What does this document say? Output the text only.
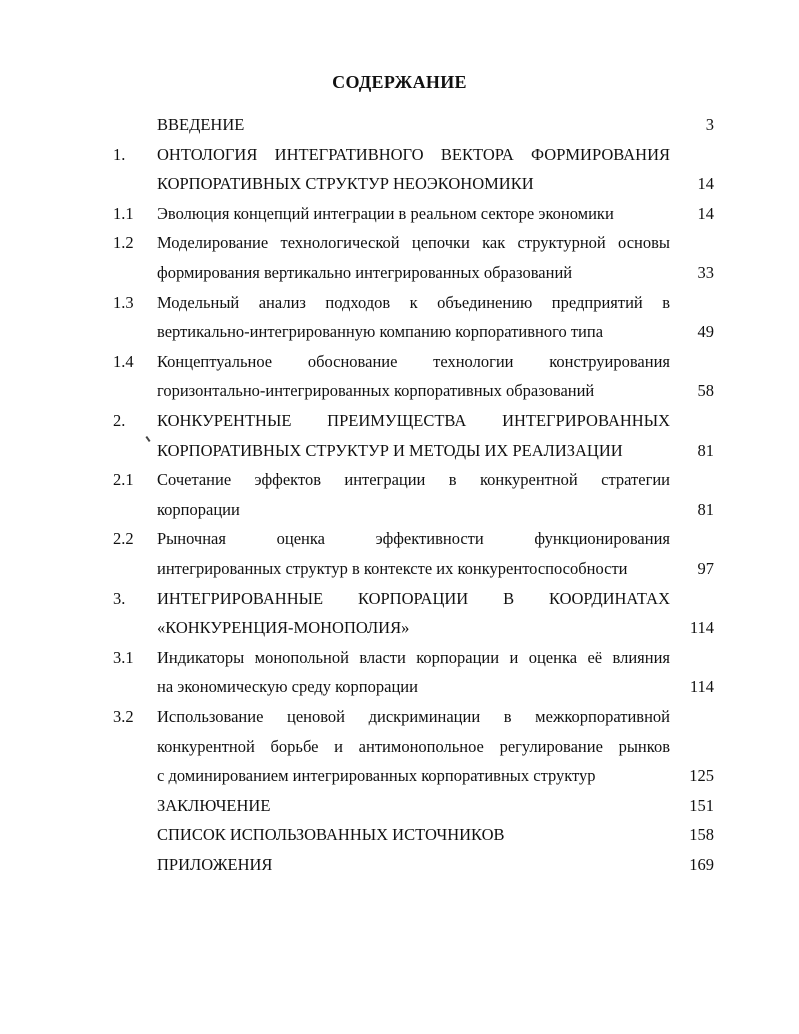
СОДЕРЖАНИЕ
ВВЕДЕНИЕ	3
1.	ОНТОЛОГИЯ ИНТЕГРАТИВНОГО ВЕКТОРА ФОРМИРОВАНИЯ
КОРПОРАТИВНЫХ СТРУКТУР НЕОЭКОНОМИКИ	14
1.1	Эволюция концепций интеграции в реальном секторе экономики	14
1.2	Моделирование технологической цепочки как структурной основы
формирования вертикально интегрированных образований	33
1.3	Модельный анализ подходов к объединению предприятий в
вертикально-интегрированную компанию корпоративного типа	49
1.4	Концептуальное обоснование технологии конструирования
горизонтально-интегрированных корпоративных образований	58
2.	КОНКУРЕНТНЫЕ ПРЕИМУЩЕСТВА ИНТЕГРИРОВАННЫХ
КОРПОРАТИВНЫХ СТРУКТУР И МЕТОДЫ ИХ РЕАЛИЗАЦИИ	81
2.1	Сочетание эффектов интеграции в конкурентной стратегии
корпорации	81
2.2	Рыночная оценка эффективности функционирования
интегрированных структур в контексте их конкурентоспособности	97
3.	ИНТЕГРИРОВАННЫЕ КОРПОРАЦИИ В КООРДИНАТАХ
«КОНКУРЕНЦИЯ-МОНОПОЛИЯ»	114
3.1	Индикаторы монопольной власти корпорации и оценка её влияния
на экономическую среду корпорации	114
3.2	Использование ценовой дискриминации в межкорпоративной
конкурентной борьбе и антимонопольное регулирование рынков
с доминированием интегрированных корпоративных структур	125
ЗАКЛЮЧЕНИЕ	151
СПИСОК ИСПОЛЬЗОВАННЫХ ИСТОЧНИКОВ	158
ПРИЛОЖЕНИЯ	169
